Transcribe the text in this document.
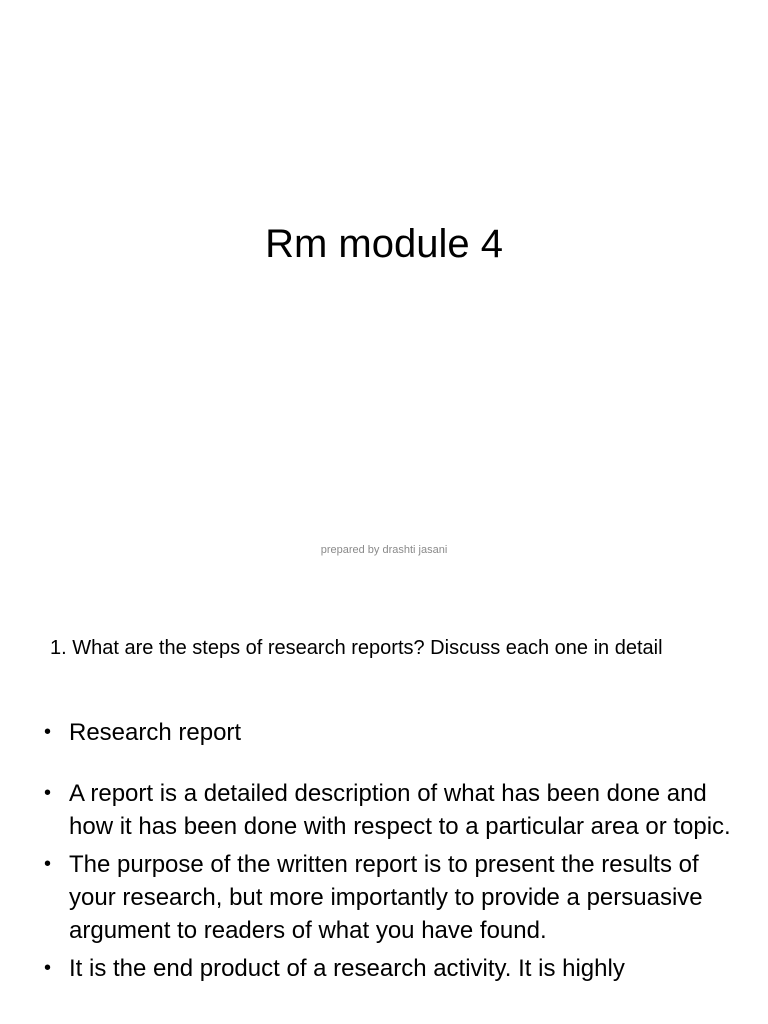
Rm module 4
prepared by drashti jasani
1. What are the steps of research reports? Discuss each one in detail
• Research report
• A report is a detailed description of what has been done and how it has been done with respect to a particular area or topic.
• The purpose of the written report is to present the results of your research, but more importantly to provide a persuasive argument to readers of what you have found.
• It is the end product of a research activity. It is highly
